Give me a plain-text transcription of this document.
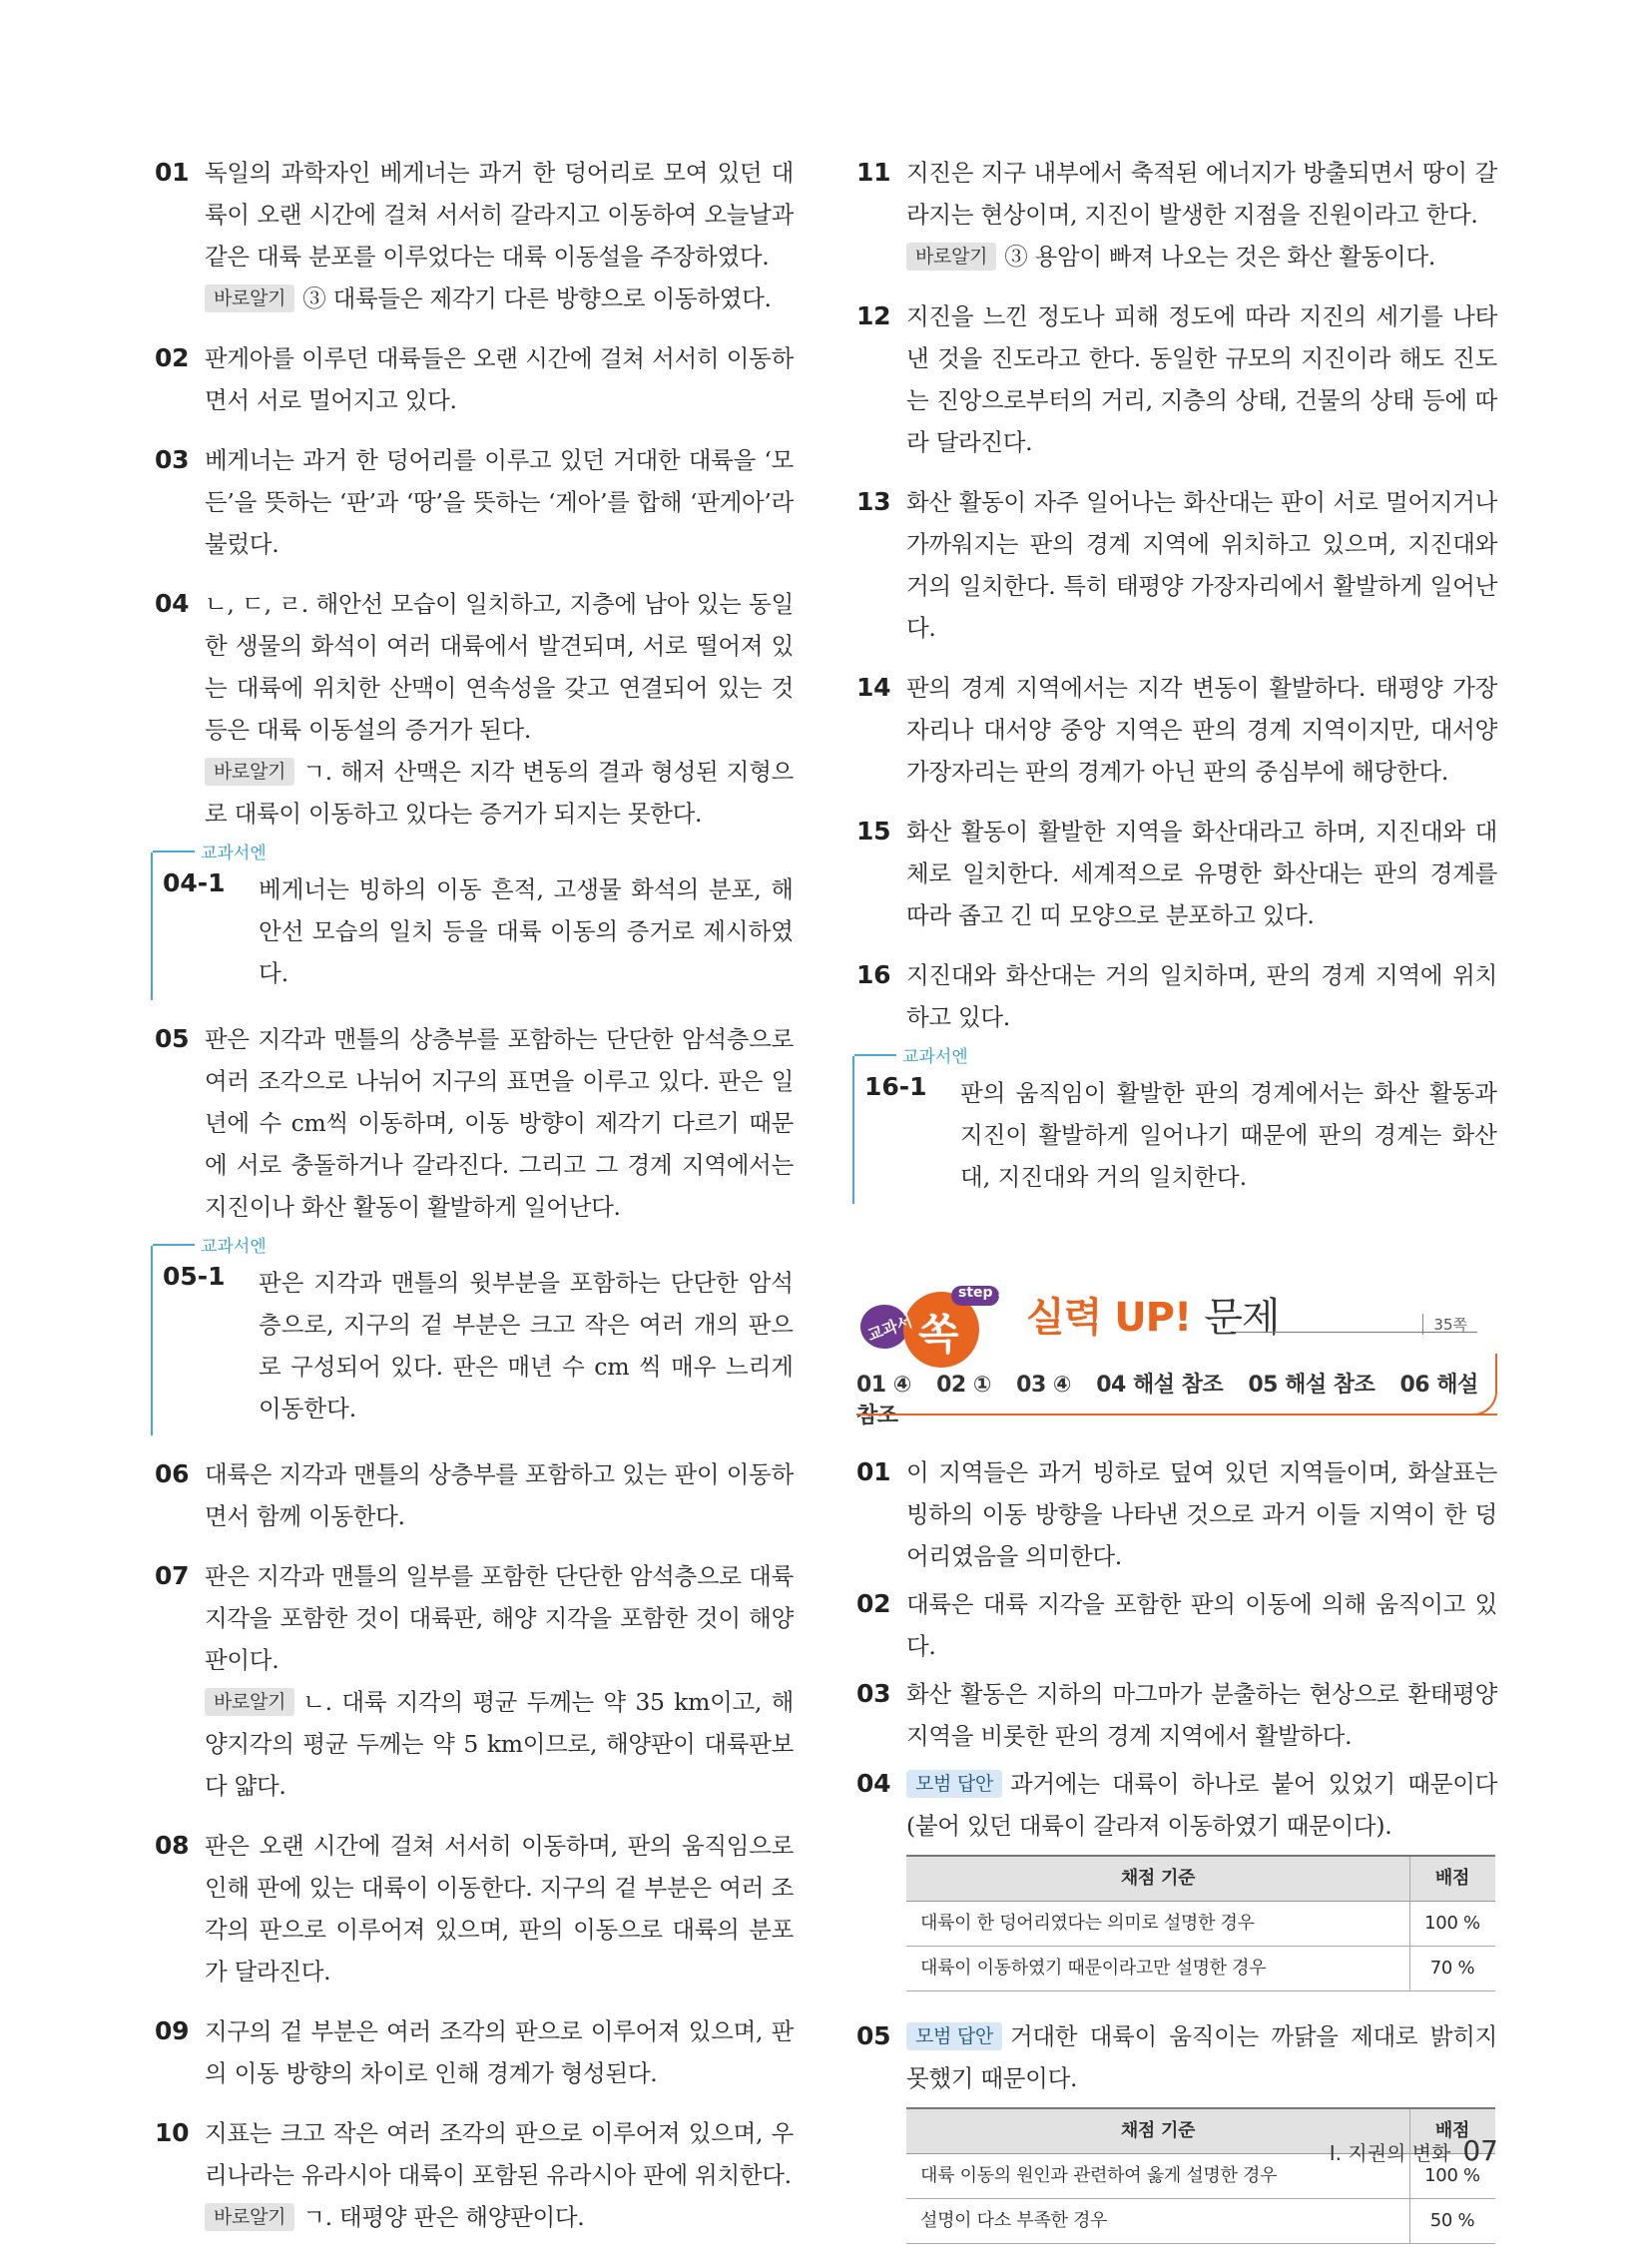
01 독일의 과학자인 베게너는 과거 한 덩어리로 모여 있던 대륙이 오랜 시간에 걸쳐 서서히 갈라지고 이동하여 오늘날과 같은 대륙 분포를 이루었다는 대륙 이동설을 주장하였다.
바로알기 ③ 대륙들은 제각기 다른 방향으로 이동하였다.
02 판게아를 이루던 대륙들은 오랜 시간에 걸쳐 서서히 이동하면서 서로 멀어지고 있다.
03 베게너는 과거 한 덩어리를 이루고 있던 거대한 대륙을 ‘모든’을 뜻하는 ‘판’과 ‘땅’을 뜻하는 ‘게아’를 합해 ‘판게아’라 불렀다.
04 ㄴ, ㄷ, ㄹ. 해안선 모습이 일치하고, 지층에 남아 있는 동일한 생물의 화석이 여러 대륙에서 발견되며, 서로 떨어져 있는 대륙에 위치한 산맥이 연속성을 갖고 연결되어 있는 것 등은 대륙 이동설의 증거가 된다.
바로알기 ㄱ. 해저 산맥은 지각 변동의 결과 형성된 지형으로 대륙이 이동하고 있다는 증거가 되지는 못한다.
교과서엔
04-1	베게너는 빙하의 이동 흔적, 고생물 화석의 분포, 해안선 모습의 일치 등을 대륙 이동의 증거로 제시하였다.
05 판은 지각과 맨틀의 상층부를 포함하는 단단한 암석층으로 여러 조각으로 나뉘어 지구의 표면을 이루고 있다. 판은 일 년에 수 cm씩 이동하며, 이동 방향이 제각기 다르기 때문에 서로 충돌하거나 갈라진다. 그리고 그 경계 지역에서는 지진이나 화산 활동이 활발하게 일어난다.
교과서엔
05-1	판은 지각과 맨틀의 윗부분을 포함하는 단단한 암석층으로, 지구의 겉 부분은 크고 작은 여러 개의 판으로 구성되어 있다. 판은 매년 수 cm 씩 매우 느리게 이동한다.
06 대륙은 지각과 맨틀의 상층부를 포함하고 있는 판이 이동하면서 함께 이동한다.
07 판은 지각과 맨틀의 일부를 포함한 단단한 암석층으로 대륙지각을 포함한 것이 대륙판, 해양 지각을 포함한 것이 해양판이다.
바로알기 ㄴ. 대륙 지각의 평균 두께는 약 35 km이고, 해양지각의 평균 두께는 약 5 km이므로, 해양판이 대륙판보다 얇다.
08 판은 오랜 시간에 걸쳐 서서히 이동하며, 판의 움직임으로 인해 판에 있는 대륙이 이동한다. 지구의 겉 부분은 여러 조각의 판으로 이루어져 있으며, 판의 이동으로 대륙의 분포가 달라진다.
09 지구의 겉 부분은 여러 조각의 판으로 이루어져 있으며, 판의 이동 방향의 차이로 인해 경계가 형성된다.
10 지표는 크고 작은 여러 조각의 판으로 이루어져 있으며, 우리나라는 유라시아 대륙이 포함된 유라시아 판에 위치한다.
바로알기 ㄱ. 태평양 판은 해양판이다.
11 지진은 지구 내부에서 축적된 에너지가 방출되면서 땅이 갈라지는 현상이며, 지진이 발생한 지점을 진원이라고 한다.
바로알기 ③ 용암이 빠져 나오는 것은 화산 활동이다.
12 지진을 느낀 정도나 피해 정도에 따라 지진의 세기를 나타낸 것을 진도라고 한다. 동일한 규모의 지진이라 해도 진도는 진앙으로부터의 거리, 지층의 상태, 건물의 상태 등에 따라 달라진다.
13 화산 활동이 자주 일어나는 화산대는 판이 서로 멀어지거나 가까워지는 판의 경계 지역에 위치하고 있으며, 지진대와 거의 일치한다. 특히 태평양 가장자리에서 활발하게 일어난다.
14 판의 경계 지역에서는 지각 변동이 활발하다. 태평양 가장자리나 대서양 중앙 지역은 판의 경계 지역이지만, 대서양 가장자리는 판의 경계가 아닌 판의 중심부에 해당한다.
15 화산 활동이 활발한 지역을 화산대라고 하며, 지진대와 대체로 일치한다. 세계적으로 유명한 화산대는 판의 경계를 따라 좁고 긴 띠 모양으로 분포하고 있다.
16 지진대와 화산대는 거의 일치하며, 판의 경계 지역에 위치하고 있다.
교과서엔
16-1	판의 움직임이 활발한 판의 경계에서는 화산 활동과 지진이 활발하게 일어나기 때문에 판의 경계는 화산대, 지진대와 거의 일치한다.
교과서 쏙
step 3
실력 UP! 문제	35쪽
01 ④ 02 ① 03 ④ 04 해설 참조 05 해설 참조 06 해설 참조
01 이 지역들은 과거 빙하로 덮여 있던 지역들이며, 화살표는 빙하의 이동 방향을 나타낸 것으로 과거 이들 지역이 한 덩어리였음을 의미한다.
02 대륙은 대륙 지각을 포함한 판의 이동에 의해 움직이고 있다.
03 화산 활동은 지하의 마그마가 분출하는 현상으로 환태평양 지역을 비롯한 판의 경계 지역에서 활발하다.
04	모범 답안 과거에는 대륙이 하나로 붙어 있었기 때문이다(붙어 있던 대륙이 갈라져 이동하였기 때문이다).
채점 기준	배점
대륙이 한 덩어리였다는 의미로 설명한 경우	100 %
대륙이 이동하였기 때문이라고만 설명한 경우	70 %
05	모범 답안 거대한 대륙이 움직이는 까닭을 제대로 밝히지 못했기 때문이다.
채점 기준	배점
대륙 이동의 원인과 관련하여 옳게 설명한 경우	100 %
설명이 다소 부족한 경우	50 %
Ⅰ. 지권의 변화 07
